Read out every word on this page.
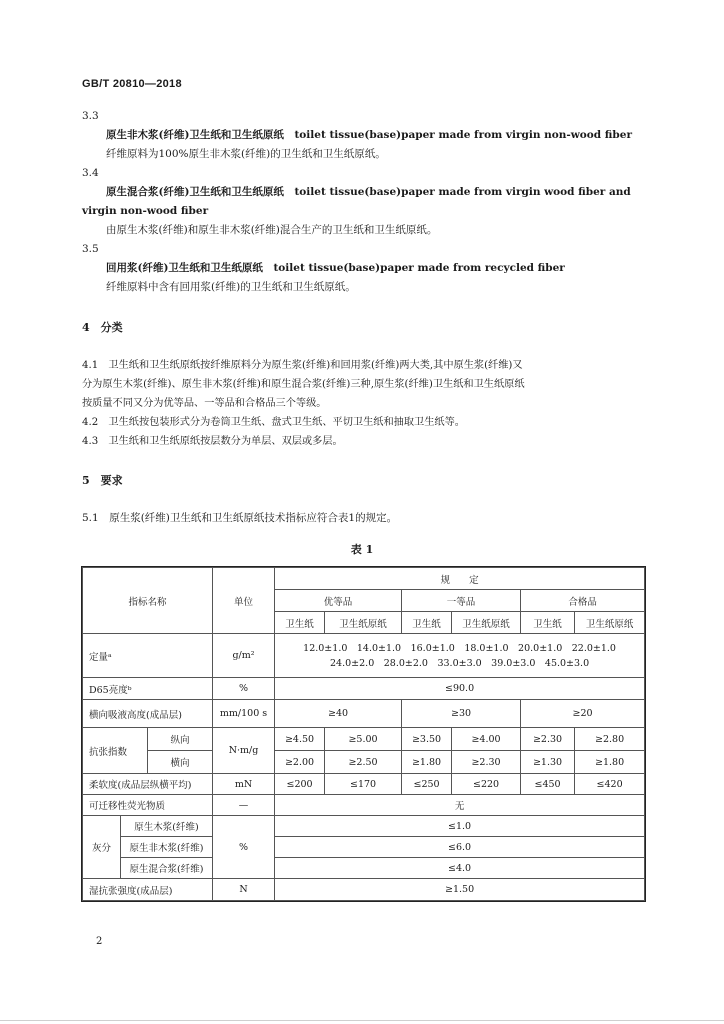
GB/T 20810—2018
3.3
原生非木浆(纤维)卫生纸和卫生纸原纸　 toilet tissue(base)paper made from virgin non-wood fiber
纤维原料为100%原生非木浆(纤维)的卫生纸和卫生纸原纸。
3.4
原生混合浆(纤维)卫生纸和卫生纸原纸　 toilet tissue(base)paper made from virgin wood fiber and
virgin non-wood fiber
由原生木浆(纤维)和原生非木浆(纤维)混合生产的卫生纸和卫生纸原纸。
3.5
回用浆(纤维)卫生纸和卫生纸原纸　 toilet tissue(base)paper made from recycled fiber
纤维原料中含有回用浆(纤维)的卫生纸和卫生纸原纸。
4　分类
4.1　卫生纸和卫生纸原纸按纤维原料分为原生浆(纤维)和回用浆(纤维)两大类,其中原生浆(纤维)又
分为原生木浆(纤维)、原生非木浆(纤维)和原生混合浆(纤维)三种,原生浆(纤维)卫生纸和卫生纸原纸
按质量不同又分为优等品、一等品和合格品三个等级。
4.2　卫生纸按包装形式分为卷筒卫生纸、盘式卫生纸、平切卫生纸和抽取卫生纸等。
4.3　卫生纸和卫生纸原纸按层数分为单层、双层或多层。
5　要求
5.1　原生浆(纤维)卫生纸和卫生纸原纸技术指标应符合表1的规定。
表 1
指标名称			单位	规　　定					
				优等品		一等品		合格品	
				卫生纸	卫生纸原纸	卫生纸	卫生纸原纸	卫生纸	卫生纸原纸
定量ᵃ			g/m²	12.0±1.0　14.0±1.0　16.0±1.0　18.0±1.0　20.0±1.0　22.0±1.0
24.0±2.0　28.0±2.0　33.0±3.0　39.0±3.0　45.0±3.0					

D65亮度ᵇ			%	≤90.0					
横向吸液高度(成品层)			mm/100 s	≥40		≥30		≥20	
抗张指数		纵向	N·m/g	≥4.50	≥5.00	≥3.50	≥4.00	≥2.30	≥2.80
		横向		≥2.00	≥2.50	≥1.80	≥2.30	≥1.30	≥1.80
柔软度(成品层纵横平均)			mN	≤200	≤170	≤250	≤220	≤450	≤420
可迁移性荧光物质			—	无					
灰分	原生木浆(纤维)		%	≤1.0					
	原生非木浆(纤维)			≤6.0					
	原生混合浆(纤维)			≤4.0					
湿抗张强度(成品层)			N	≥1.50					
2
